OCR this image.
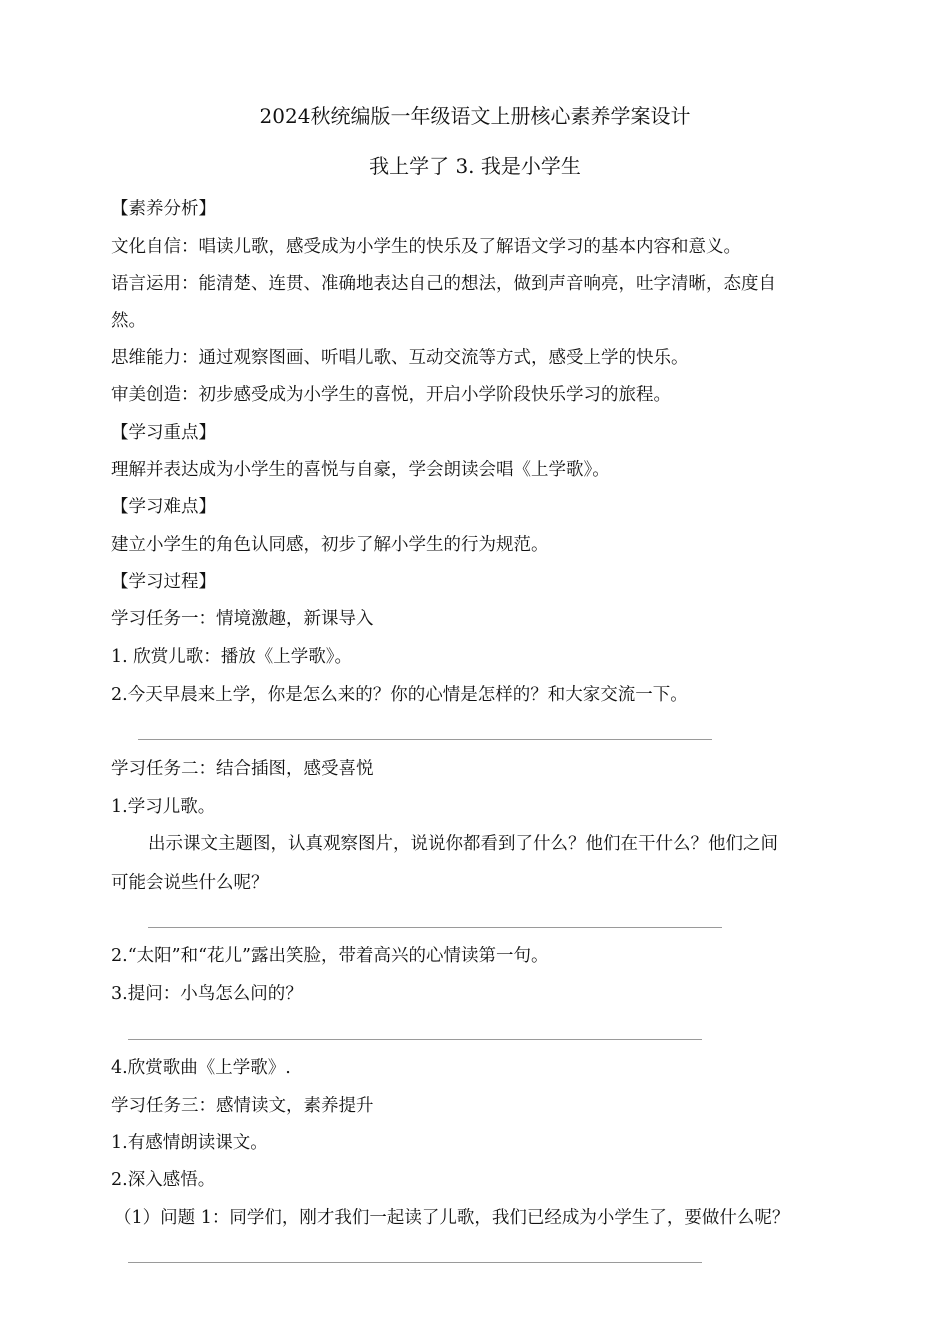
2024秋统编版一年级语文上册核心素养学案设计
我上学了 3. 我是小学生
【素养分析】
文化自信：唱读儿歌，感受成为小学生的快乐及了解语文学习的基本内容和意义。
语言运用：能清楚、连贯、准确地表达自己的想法，做到声音响亮，吐字清晰，态度自
然。
思维能力：通过观察图画、听唱儿歌、互动交流等方式，感受上学的快乐。
审美创造：初步感受成为小学生的喜悦，开启小学阶段快乐学习的旅程。
【学习重点】
理解并表达成为小学生的喜悦与自豪，学会朗读会唱《上学歌》。
【学习难点】
建立小学生的角色认同感，初步了解小学生的行为规范。
【学习过程】
学习任务一：情境激趣，新课导入
1. 欣赏儿歌：播放《上学歌》。
2.今天早晨来上学，你是怎么来的？你的心情是怎样的？和大家交流一下。
学习任务二：结合插图，感受喜悦
1.学习儿歌。
出示课文主题图，认真观察图片，说说你都看到了什么？他们在干什么？他们之间
可能会说些什么呢？
2.“太阳”和“花儿”露出笑脸，带着高兴的心情读第一句。
3.提问：小鸟怎么问的？
4.欣赏歌曲《上学歌》.
学习任务三：感情读文，素养提升
1.有感情朗读课文。
2.深入感悟。
（1）问题 1：同学们，刚才我们一起读了儿歌，我们已经成为小学生了，要做什么呢？
